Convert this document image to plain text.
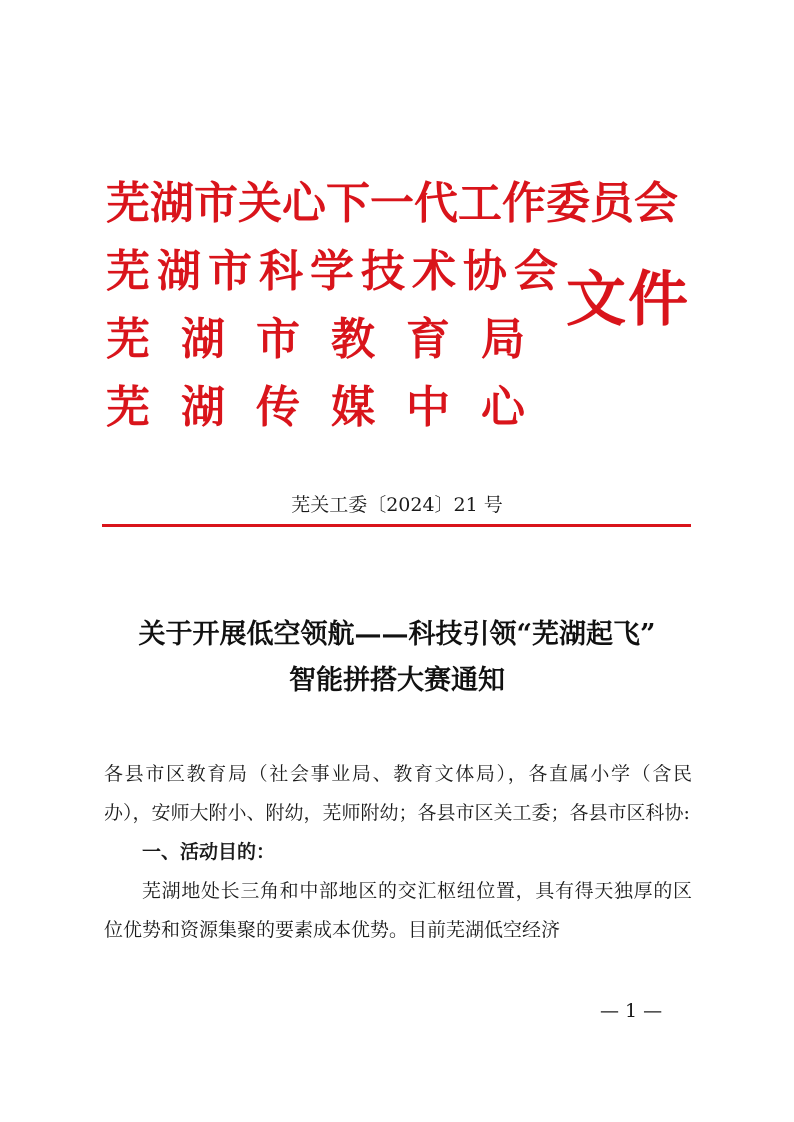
芜湖市关心下一代工作委员会
芜湖市科学技术协会
芜湖市教育局
芜湖传媒中心
文件
芜关工委〔2024〕21 号
关于开展低空领航——科技引领“芜湖起飞”
智能拼搭大赛通知

各县市区教育局（社会事业局、教育文体局），各直属小学（含民办），安师大附小、附幼，芜师附幼；各县市区关工委；各县市区科协:

一、活动目的：

芜湖地处长三角和中部地区的交汇枢纽位置，具有得天独厚的区位优势和资源集聚的要素成本优势。目前芜湖低空经济

— 1 —
